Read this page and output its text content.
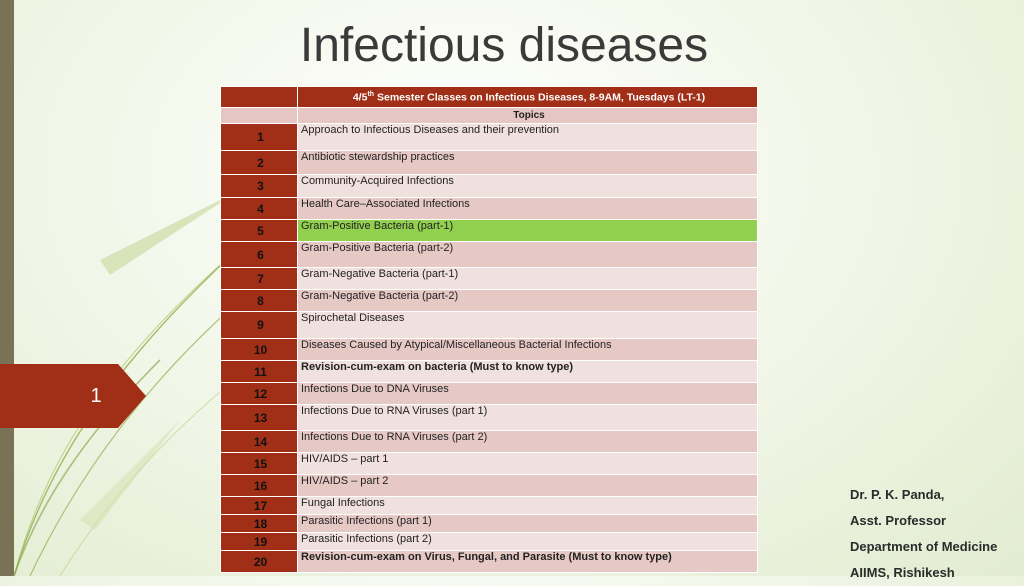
1
Infectious diseases
	4/5th Semester Classes on Infectious Diseases, 8-9AM, Tuesdays (LT-1)
	Topics
1	Approach to Infectious Diseases and their prevention
2	Antibiotic stewardship practices
3	Community-Acquired Infections
4	Health Care–Associated Infections
5	Gram-Positive Bacteria (part-1)
6	Gram-Positive Bacteria (part-2)
7	Gram-Negative Bacteria (part-1)
8	Gram-Negative Bacteria (part-2)
9	Spirochetal Diseases
10	Diseases Caused by Atypical/Miscellaneous Bacterial Infections
11	Revision-cum-exam on bacteria (Must to know type)
12	Infections Due to DNA Viruses
13	Infections Due to RNA Viruses (part 1)
14	Infections Due to RNA Viruses (part 2)
15	HIV/AIDS – part 1
16	HIV/AIDS – part 2
17	Fungal Infections
18	Parasitic Infections (part 1)
19	Parasitic Infections (part 2)
20	Revision-cum-exam on Virus, Fungal, and Parasite (Must to know type)
Dr. P. K. Panda,
Asst. Professor
Department of Medicine
AIIMS, Rishikesh
